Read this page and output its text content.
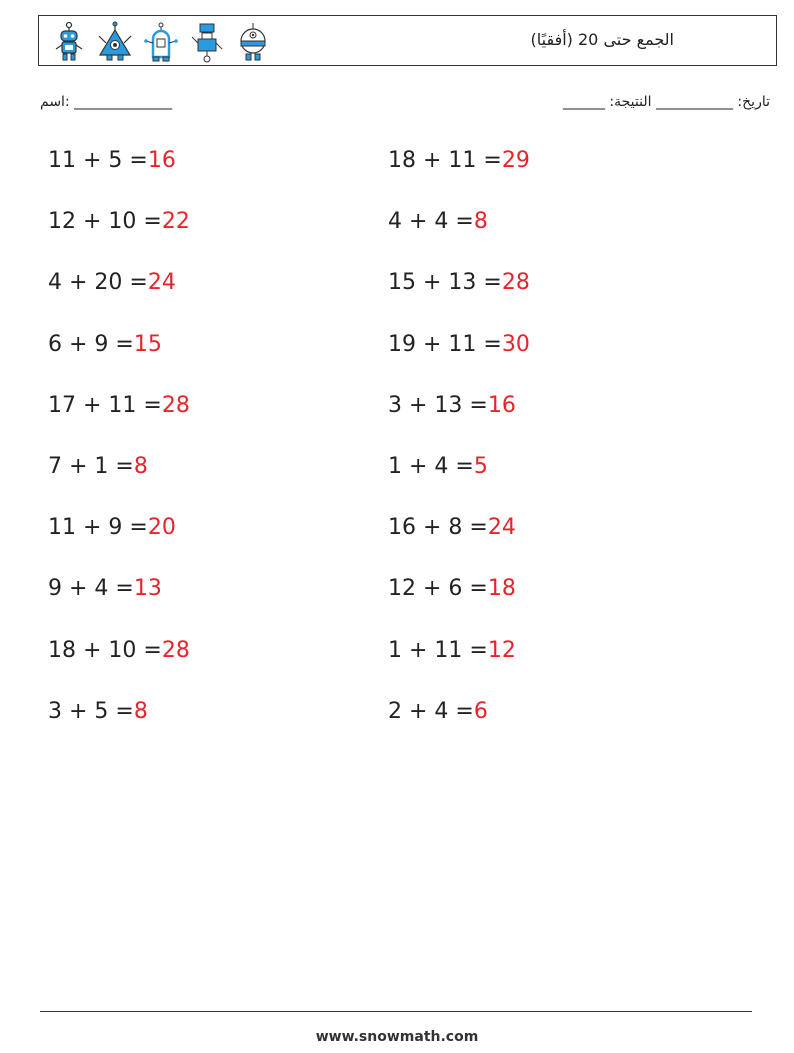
الجمع حتى 20 (أفقيًا)
اسم: ______________	______ :تاريخ: ___________ النتيجة
11 + 5 = 16	18 + 11 = 29
12 + 10 = 22	4 + 4 = 8
4 + 20 = 24	15 + 13 = 28
6 + 9 = 15	19 + 11 = 30
17 + 11 = 28	3 + 13 = 16
7 + 1 = 8	1 + 4 = 5
11 + 9 = 20	16 + 8 = 24
9 + 4 = 13	12 + 6 = 18
18 + 10 = 28	1 + 11 = 12
3 + 5 = 8	2 + 4 = 6
www.snowmath.com
